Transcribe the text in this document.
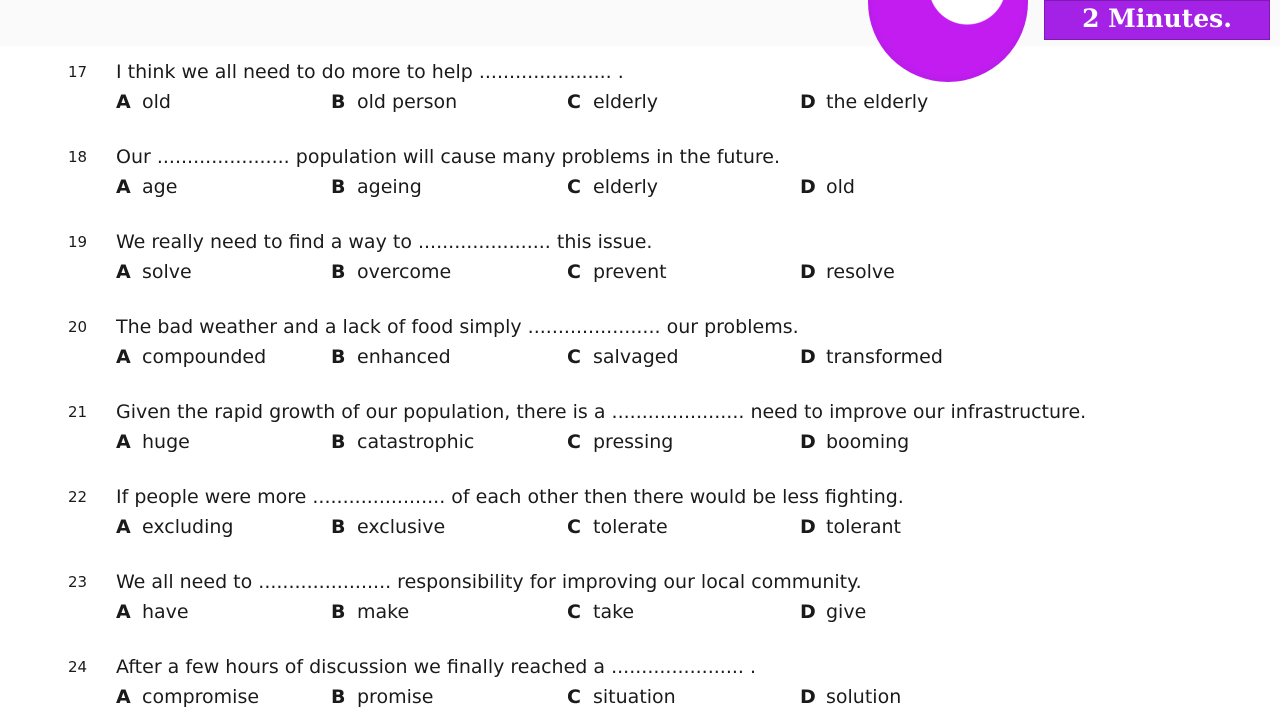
2 Minutes.
17	I think we all need to do more to help ...................... .
A old	B old person	C elderly	D the elderly
18	Our ...................... population will cause many problems in the future.
A age	B ageing	C elderly	D old
19	We really need to find a way to ...................... this issue.
A solve	B overcome	C prevent	D resolve
20	The bad weather and a lack of food simply ...................... our problems.
A compounded	B enhanced	C salvaged	D transformed
21	Given the rapid growth of our population, there is a ...................... need to improve our infrastructure.
A huge	B catastrophic	C pressing	D booming
22	If people were more ...................... of each other then there would be less fighting.
A excluding	B exclusive	C tolerate	D tolerant
23	We all need to ...................... responsibility for improving our local community.
A have	B make	C take	D give
24	After a few hours of discussion we finally reached a ...................... .
A compromise	B promise	C situation	D solution
